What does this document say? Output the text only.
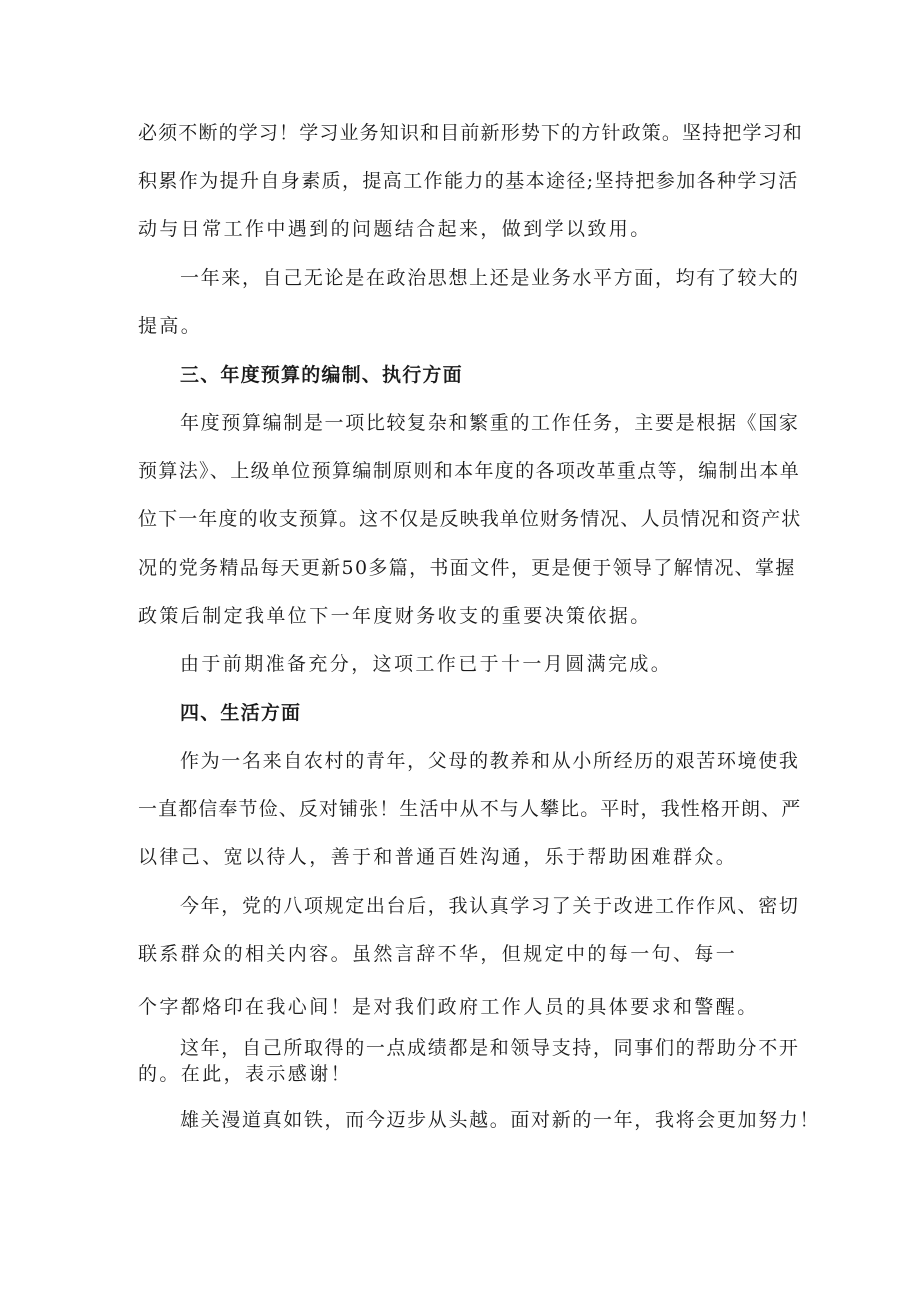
必须不断的学习！学习业务知识和目前新形势下的方针政策。坚持把学习和

积累作为提升自身素质，提高工作能力的基本途径;坚持把参加各种学习活

动与日常工作中遇到的问题结合起来，做到学以致用。

一年来，自己无论是在政治思想上还是业务水平方面，均有了较大的

提高。

三、年度预算的编制、执行方面

年度预算编制是一项比较复杂和繁重的工作任务，主要是根据《国家

预算法》、上级单位预算编制原则和本年度的各项改革重点等，编制出本单

位下一年度的收支预算。这不仅是反映我单位财务情况、人员情况和资产状

况的党务精品每天更新50多篇，书面文件，更是便于领导了解情况、掌握

政策后制定我单位下一年度财务收支的重要决策依据。

由于前期准备充分，这项工作已于十一月圆满完成。

四、生活方面

作为一名来自农村的青年，父母的教养和从小所经历的艰苦环境使我

一直都信奉节俭、反对铺张！生活中从不与人攀比。平时，我性格开朗、严

以律己、宽以待人，善于和普通百姓沟通，乐于帮助困难群众。

今年，党的八项规定出台后，我认真学习了关于改进工作作风、密切

联系群众的相关内容。虽然言辞不华，但规定中的每一句、每一

个字都烙印在我心间！是对我们政府工作人员的具体要求和警醒。

这年，自己所取得的一点成绩都是和领导支持，同事们的帮助分不开

的。在此，表示感谢！

雄关漫道真如铁，而今迈步从头越。面对新的一年，我将会更加努力！
